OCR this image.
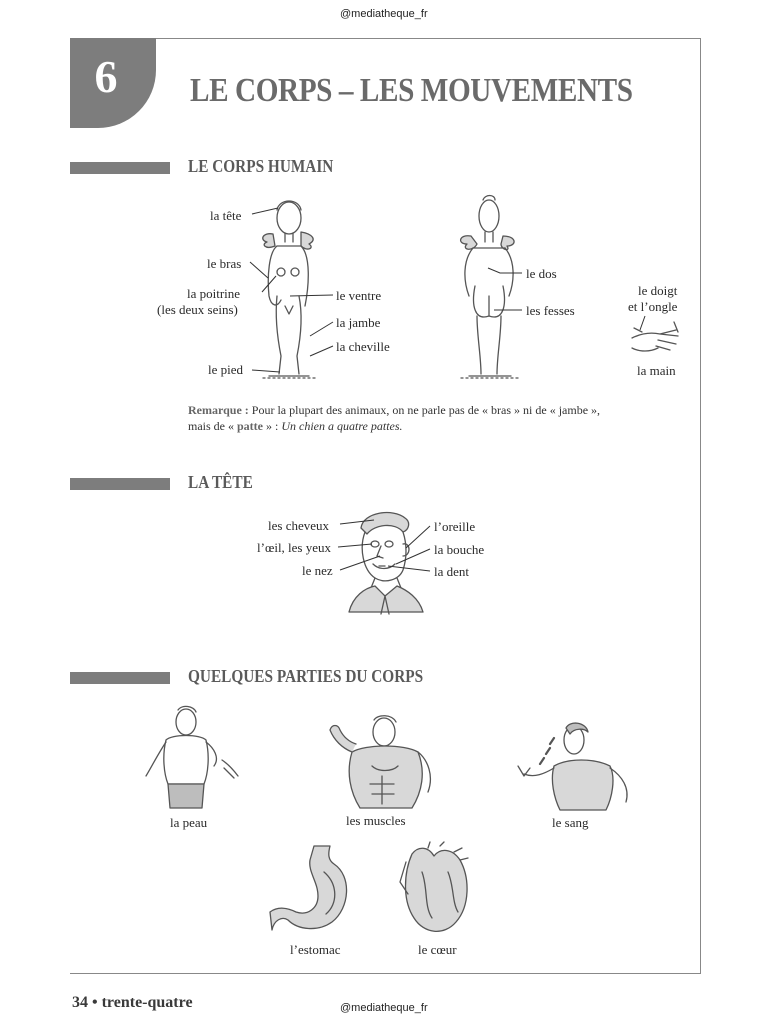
@mediatheque_fr
@mediatheque_fr
6	LE CORPS – LES MOUVEMENTS
LE CORPS HUMAIN
la tête
le bras
la poitrine
(les deux seins)
le pied
le ventre
la jambe
la cheville
le dos
les fesses
le doigt
et l’ongle
la main
Remarque : Pour la plupart des animaux, on ne parle pas de « bras » ni de « jambe », mais de « patte » : Un chien a quatre pattes.
LA TÊTE
les cheveux
l’œil, les yeux
le nez
l’oreille
la bouche
la dent
QUELQUES PARTIES DU CORPS
la peau	les muscles	le sang
l’estomac	le cœur
34 • trente-quatre
